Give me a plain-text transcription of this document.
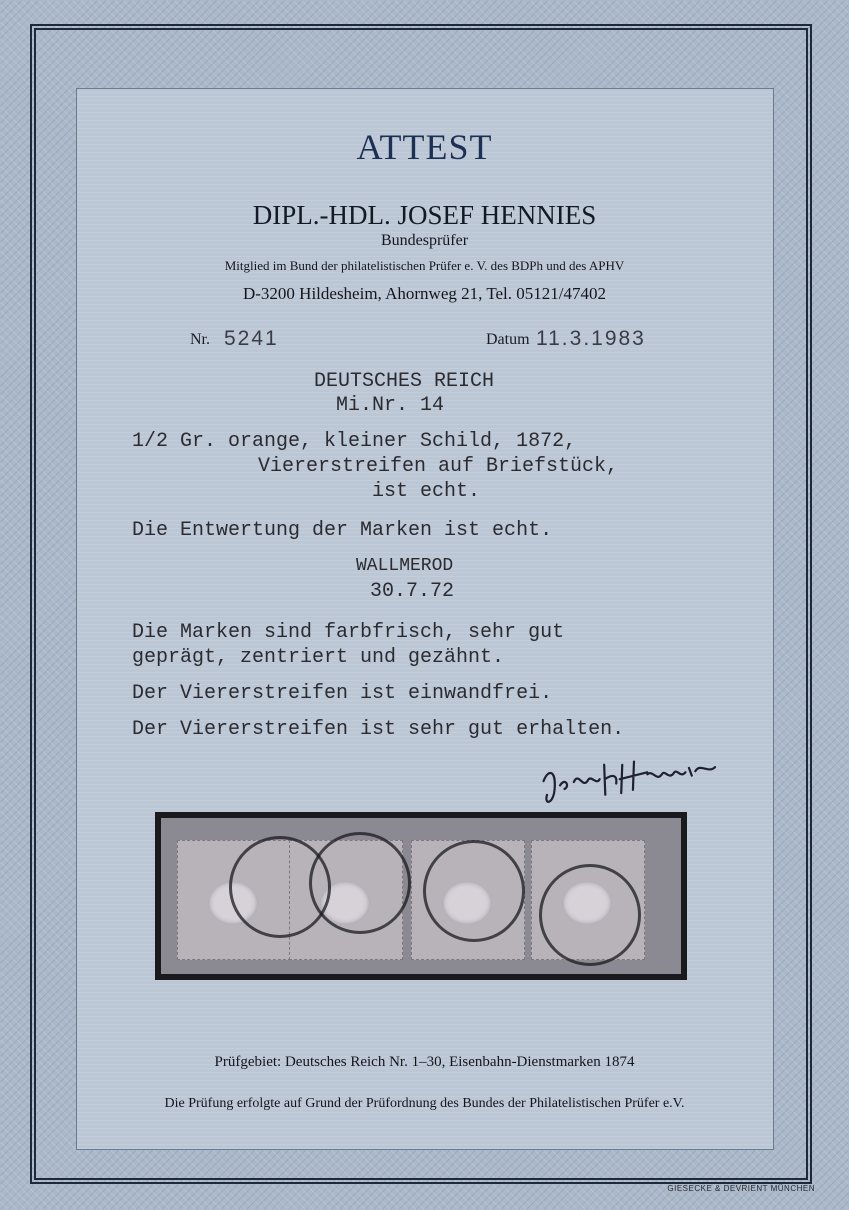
ATTEST
DIPL.-HDL. JOSEF HENNIES
Bundesprüfer
Mitglied im Bund der philatelistischen Prüfer e. V. des BDPh und des APHV
D-3200 Hildesheim, Ahornweg 21, Tel. 05121/47402
Nr. 5241	Datum 11.3.1983
DEUTSCHES REICH
Mi.Nr. 14
1/2 Gr. orange, kleiner Schild, 1872,
Viererstreifen auf Briefstück,
ist echt.
Die Entwertung der Marken ist echt.
WALLMEROD
30.7.72
Die Marken sind farbfrisch, sehr gut
geprägt, zentriert und gezähnt.
Der Viererstreifen ist einwandfrei.
Der Viererstreifen ist sehr gut erhalten.
Prüfgebiet: Deutsches Reich Nr. 1–30, Eisenbahn-Dienstmarken 1874
Die Prüfung erfolgte auf Grund der Prüfordnung des Bundes der Philatelistischen Prüfer e.V.
GIESECKE & DEVRIENT MÜNCHEN
